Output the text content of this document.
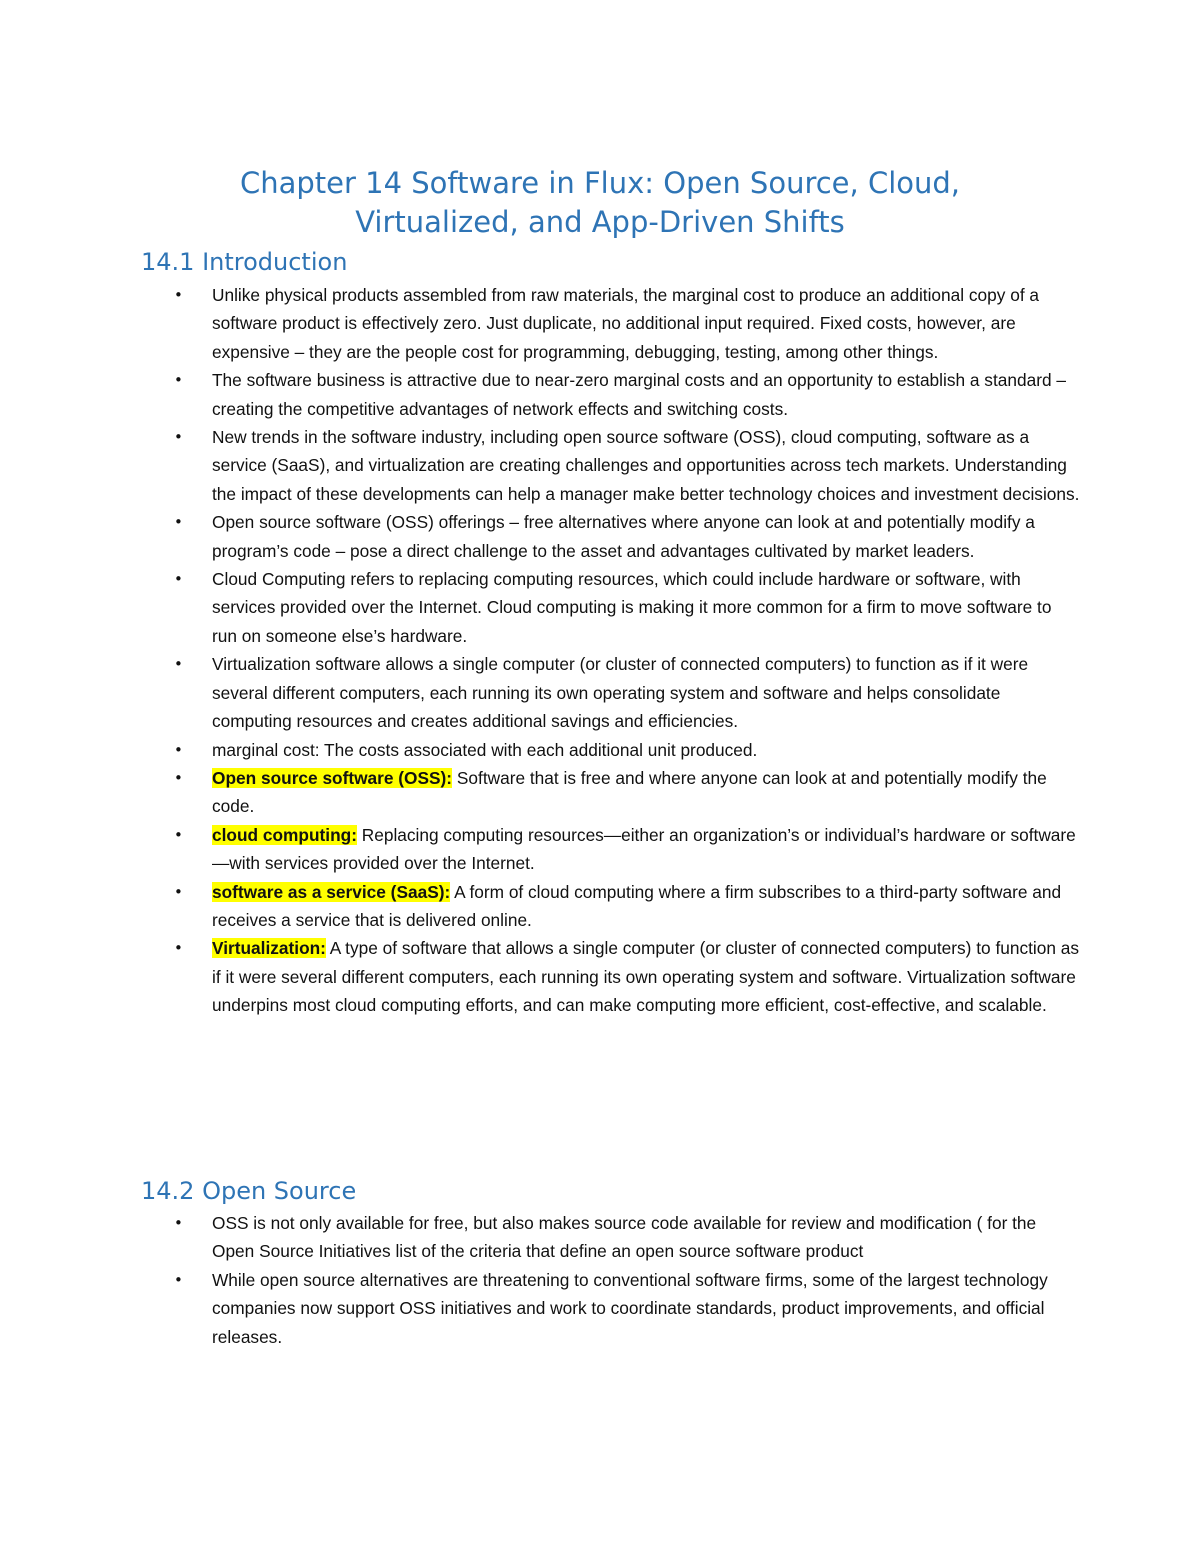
Chapter 14 Software in Flux: Open Source, Cloud,
Virtualized, and App-Driven Shifts
14.1 Introduction
• Unlike physical products assembled from raw materials, the marginal cost to produce an additional copy of a software product is effectively zero. Just duplicate, no additional input required. Fixed costs, however, are expensive – they are the people cost for programming, debugging, testing, among other things.
• The software business is attractive due to near-zero marginal costs and an opportunity to establish a standard – creating the competitive advantages of network effects and switching costs.
• New trends in the software industry, including open source software (OSS), cloud computing, software as a service (SaaS), and virtualization are creating challenges and opportunities across tech markets. Understanding the impact of these developments can help a manager make better technology choices and investment decisions.
• Open source software (OSS) offerings – free alternatives where anyone can look at and potentially modify a program’s code – pose a direct challenge to the asset and advantages cultivated by market leaders.
• Cloud Computing refers to replacing computing resources, which could include hardware or software, with services provided over the Internet. Cloud computing is making it more common for a firm to move software to run on someone else’s hardware.
• Virtualization software allows a single computer (or cluster of connected computers) to function as if it were several different computers, each running its own operating system and software and helps consolidate computing resources and creates additional savings and efficiencies.
• marginal cost: The costs associated with each additional unit produced.
• Open source software (OSS): Software that is free and where anyone can look at and potentially modify the code.
• cloud computing: Replacing computing resources—either an organization’s or individual’s hardware or software—with services provided over the Internet.
• software as a service (SaaS): A form of cloud computing where a firm subscribes to a third-party software and receives a service that is delivered online.
• Virtualization: A type of software that allows a single computer (or cluster of connected computers) to function as if it were several different computers, each running its own operating system and software. Virtualization software underpins most cloud computing efforts, and can make computing more efficient, cost-effective, and scalable.
14.2 Open Source
• OSS is not only available for free, but also makes source code available for review and modification ( for the Open Source Initiatives list of the criteria that define an open source software product
• While open source alternatives are threatening to conventional software firms, some of the largest technology companies now support OSS initiatives and work to coordinate standards, product improvements, and official releases.
